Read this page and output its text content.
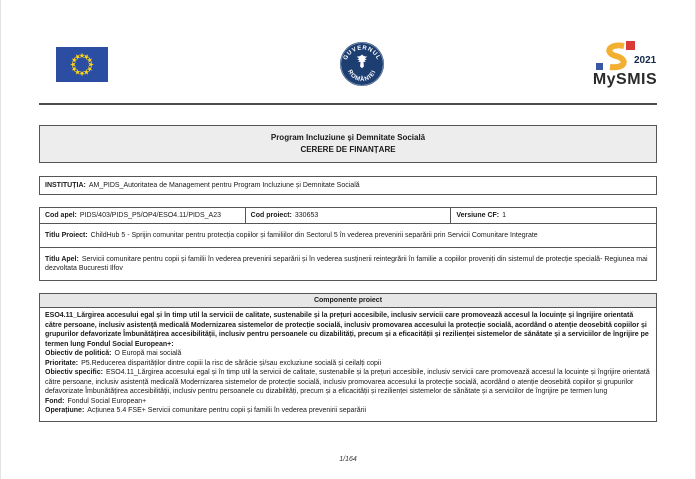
GUVERNUL
ROMÂNIEI
2021
MySMIS
Program Incluziune și Demnitate Socială
CERERE DE FINANȚARE
INSTITUȚIA: AM_PIDS_Autoritatea de Management pentru Program Incluziune și Demnitate Socială
Cod apel: PIDS/403/PIDS_P5/OP4/ESO4.11/PIDS_A23	Cod proiect: 330653	Versiune CF: 1
Titlu Proiect: ChildHub 5 - Sprijin comunitar pentru protecția copiilor și familiilor din Sectorul 5 în vederea prevenirii separării prin Servicii Comunitare Integrate
Titlu Apel: Servicii comunitare pentru copii și familii în vederea prevenirii separării și în vederea susținerii reintegrării în familie a copiilor proveniți din sistemul de protecție specială- Regiunea mai dezvoltata Bucuresti Ilfov
Componente proiect

ESO4.11_Lărgirea accesului egal și în timp util la servicii de calitate, sustenabile și la prețuri accesibile, inclusiv servicii care promovează accesul la locuințe și îngrijire orientată către persoane, inclusiv asistență medicală Modernizarea sistemelor de protecție socială, inclusiv promovarea accesului la protecție socială, acordând o atenție deosebită copiilor și grupurilor defavorizate Îmbunătățirea accesibilității, inclusiv pentru persoanele cu dizabilități, precum și a eficacității și rezilienței sistemelor de sănătate și a serviciilor de îngrijire pe termen lung Fondul Social European+:

Obiectiv de politică: O Europă mai socială

Prioritate: P5.Reducerea disparităților dintre copiii la risc de sărăcie și/sau excluziune socială și ceilalți copii

Obiectiv specific: ESO4.11_Lărgirea accesului egal și în timp util la servicii de calitate, sustenabile și la prețuri accesibile, inclusiv servicii care promovează accesul la locuințe și îngrijire orientată către persoane, inclusiv asistență medicală Modernizarea sistemelor de protecție socială, inclusiv promovarea accesului la protecție socială, acordând o atenție deosebită copiilor și grupurilor defavorizate Îmbunătățirea accesibilității, inclusiv pentru persoanele cu dizabilități, precum și a eficacității și rezilienței sistemelor de sănătate și a serviciilor de îngrijire pe termen lung

Fond: Fondul Social European+

Operațiune: Acțiunea 5.4 FSE+ Servicii comunitare pentru copii și familii în vederea prevenirii separării

1/164
